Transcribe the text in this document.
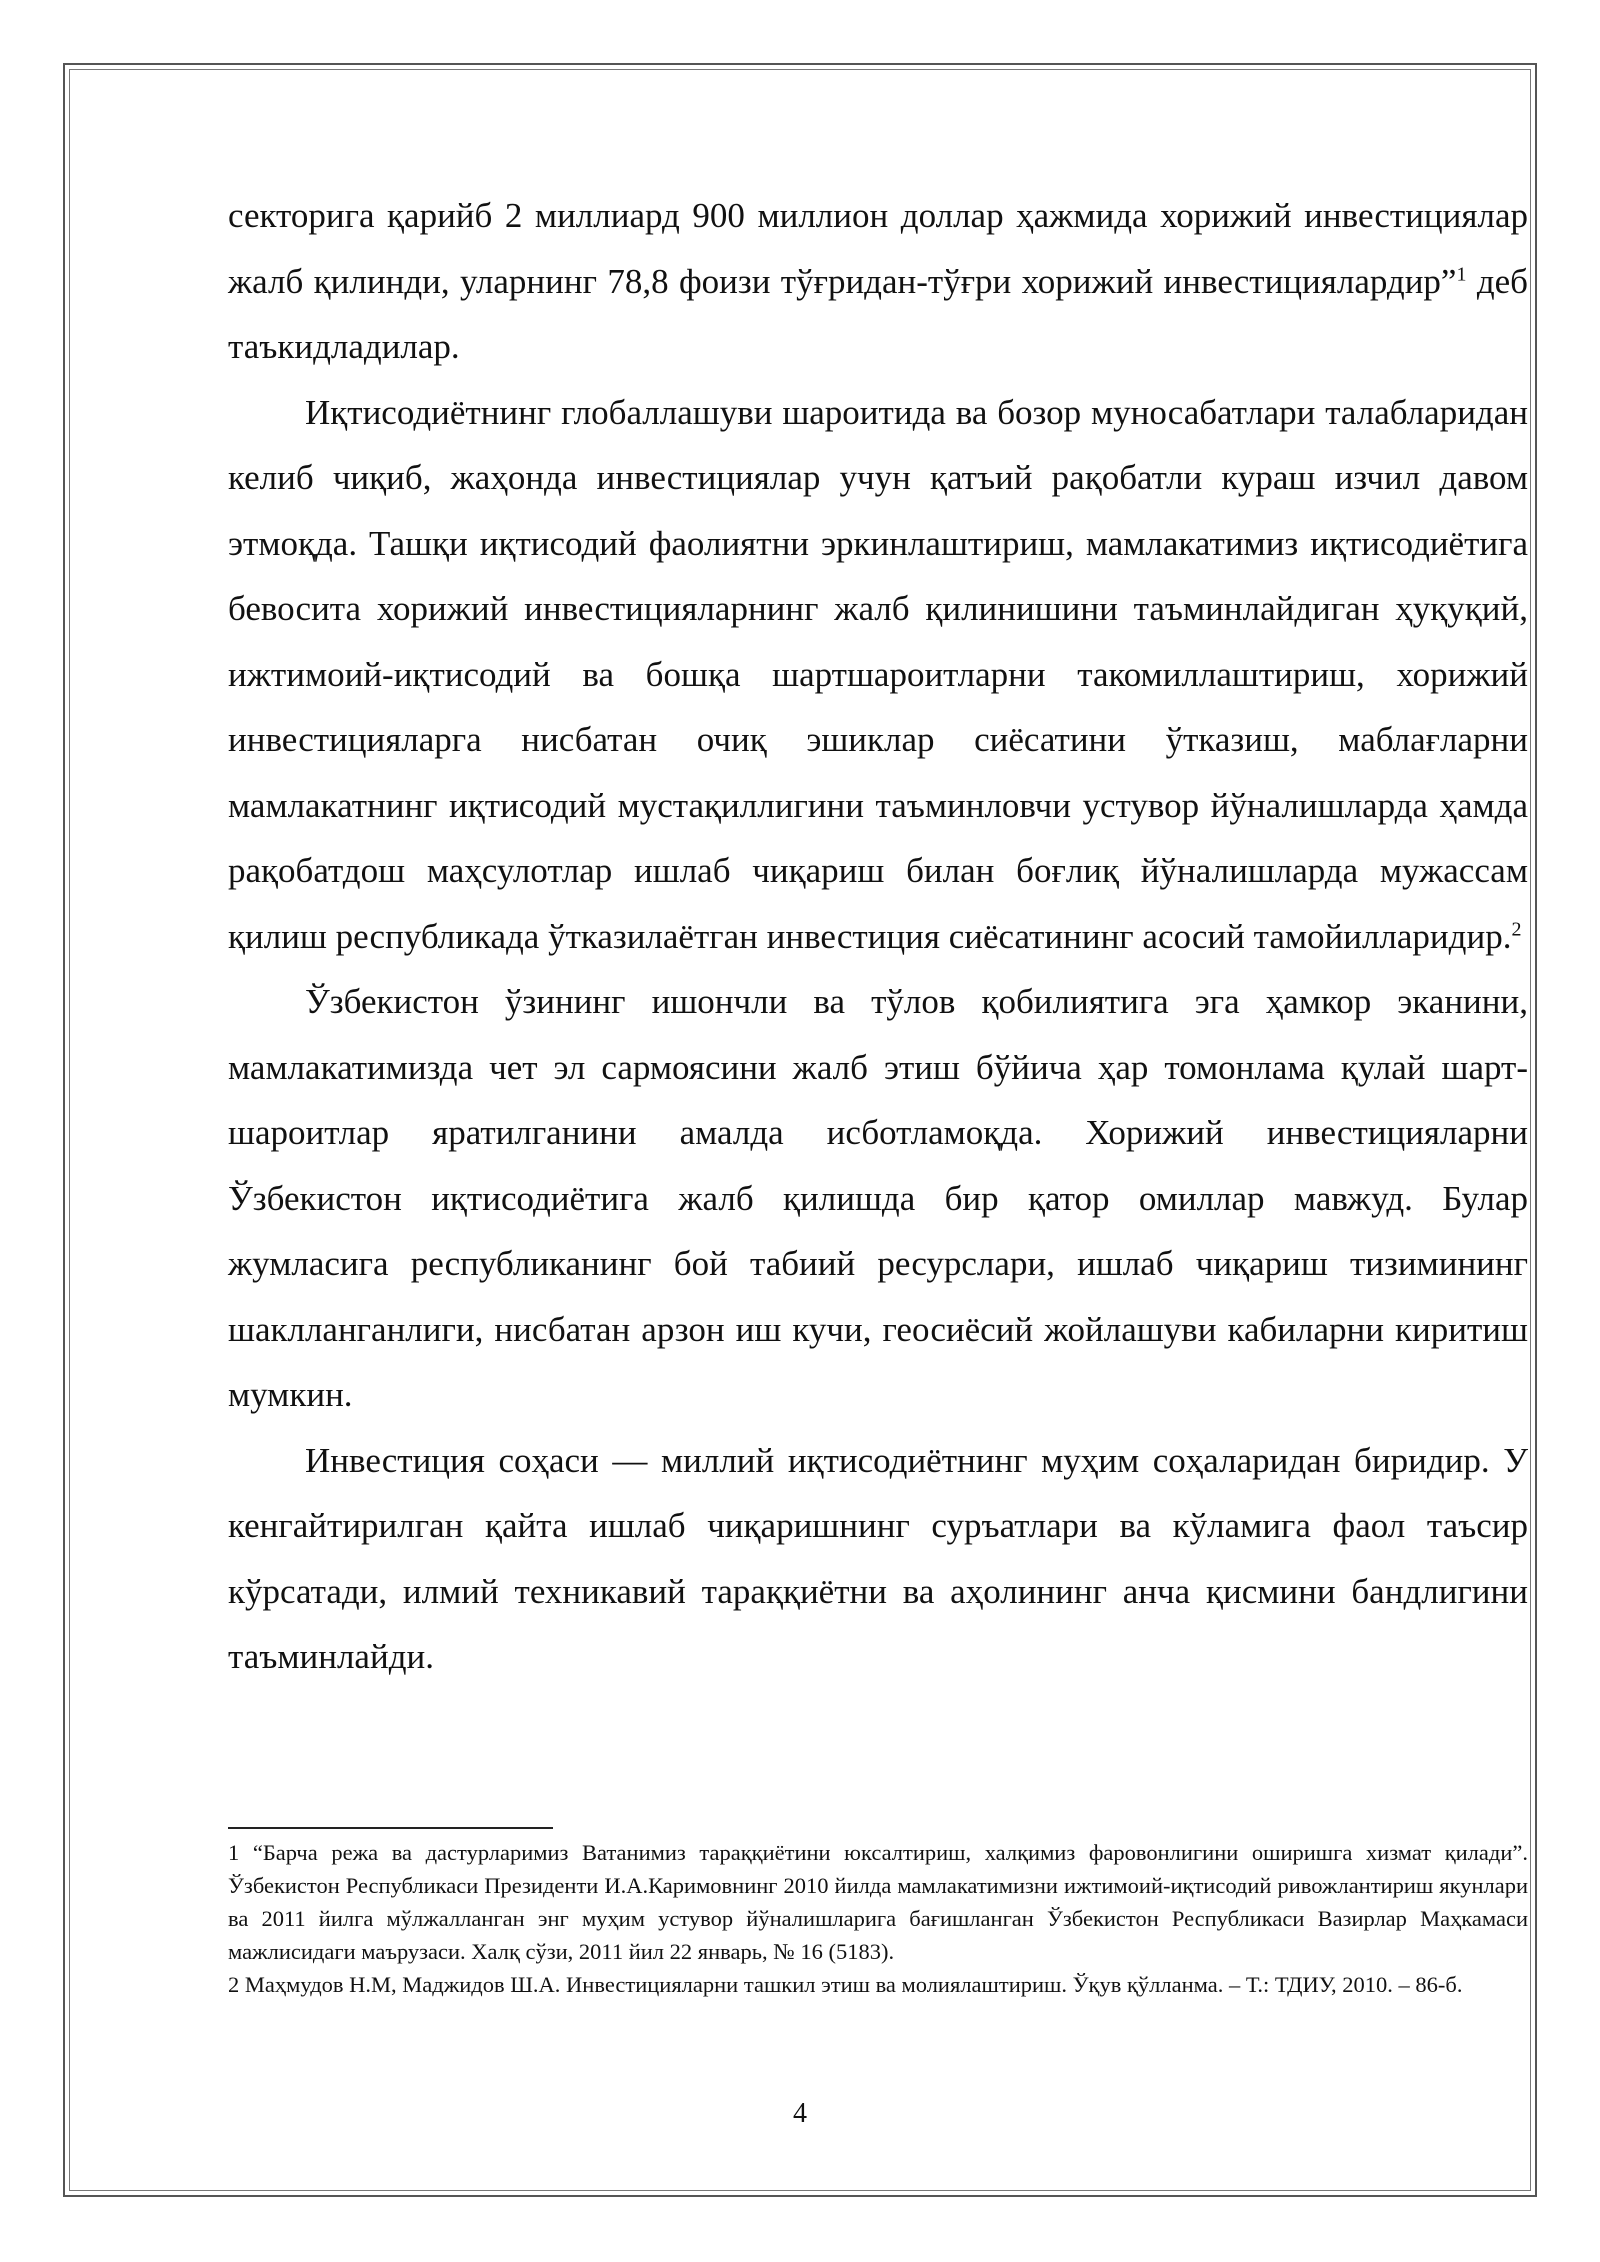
секторига қарийб 2 миллиард 900 миллион доллар ҳажмида хорижий инвестициялар жалб қилинди, уларнинг 78,8 фоизи тўғридан-тўғри хорижий инвестициялардир”$^1$ деб таъкидладилар.

Иқтисодиётнинг глобаллашуви шароитида ва бозор муносабатлари талабларидан келиб чиқиб, жаҳонда инвестициялар учун қатъий рақобатли кураш изчил давом этмоқда. Ташқи иқтисодий фаолиятни эркинлаштириш, мамлакатимиз иқтисодиётига бевосита хорижий инвестицияларнинг жалб қилинишини таъминлайдиган ҳуқуқий, ижтимоий-иқтисодий ва бошқа шартшароитларни такомиллаштириш, хорижий инвестицияларга нисбатан очиқ эшиклар сиёсатини ўтказиш, маблағларни мамлакатнинг иқтисодий мустақиллигини таъминловчи устувор йўналишларда ҳамда рақобатдош маҳсулотлар ишлаб чиқариш билан боғлиқ йўналишларда мужассам қилиш республикада ўтказилаётган инвестиция сиёсатининг асосий тамойилларидир.$^2$

Ўзбекистон ўзининг ишончли ва тўлов қобилиятига эга ҳамкор эканини, мамлакатимизда чет эл сармоясини жалб этиш бўйича ҳар томонлама қулай шарт-шароитлар яратилганини амалда исботламоқда. Хорижий инвестицияларни Ўзбекистон иқтисодиётига жалб қилишда бир қатор омиллар мавжуд. Булар жумласига республиканинг бой табиий ресурслари, ишлаб чиқариш тизимининг шаклланганлиги, нисбатан арзон иш кучи, геосиёсий жойлашуви кабиларни киритиш мумкин.

Инвестиция соҳаси — миллий иқтисодиётнинг муҳим соҳаларидан биридир. У кенгайтирилган қайта ишлаб чиқаришнинг суръатлари ва кўламига фаол таъсир кўрсатади, илмий техникавий тараққиётни ва аҳолининг анча қисмини бандлигини таъминлайди.

1 “Барча режа ва дастурларимиз Ватанимиз тараққиётини юксалтириш, халқимиз фаровонлигини оширишга хизмат қилади”. Ўзбекистон Республикаси Президенти И.А.Каримовнинг 2010 йилда мамлакатимизни ижтимоий-иқтисодий ривожлантириш якунлари ва 2011 йилга мўлжалланган энг муҳим устувор йўналишларига бағишланган Ўзбекистон Республикаси Вазирлар Маҳкамаси мажлисидаги маърузаси. Халқ сўзи, 2011 йил 22 январь, № 16 (5183).

2 Маҳмудов Н.М, Маджидов Ш.А. Инвестицияларни ташкил этиш ва молиялаштириш. Ўқув қўлланма. – Т.: ТДИУ, 2010. – 86-б.

4
